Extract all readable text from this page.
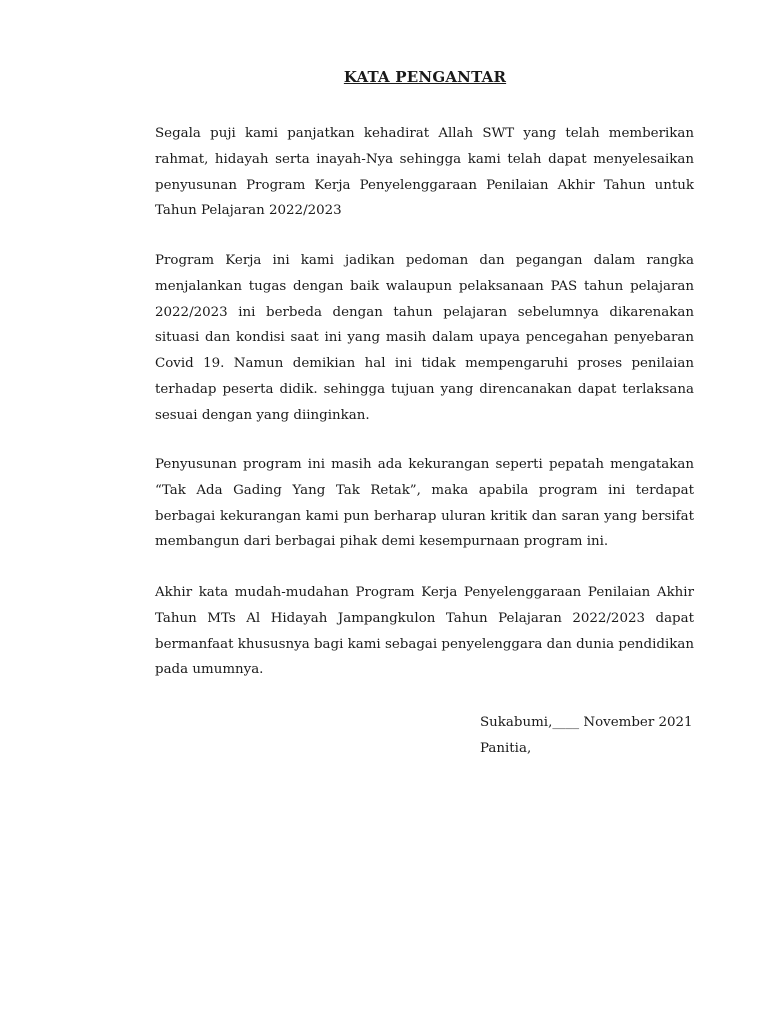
KATA PENGANTAR

Segala puji kami panjatkan kehadirat Allah SWT yang telah memberikan rahmat, hidayah serta inayah-Nya sehingga kami telah dapat menyelesaikan penyusunan Program Kerja Penyelenggaraan Penilaian Akhir Tahun untuk Tahun Pelajaran 2022/2023

Program Kerja ini kami jadikan pedoman dan pegangan dalam rangka menjalankan tugas dengan baik walaupun pelaksanaan PAS tahun pelajaran 2022/2023 ini berbeda dengan tahun pelajaran sebelumnya dikarenakan situasi dan kondisi saat ini yang masih dalam upaya pencegahan penyebaran Covid 19. Namun demikian hal ini tidak mempengaruhi proses penilaian terhadap peserta didik. sehingga tujuan yang direncanakan dapat terlaksana sesuai dengan yang diinginkan.

Penyusunan program ini masih ada kekurangan seperti pepatah mengatakan “Tak Ada Gading Yang Tak Retak”, maka apabila program ini terdapat berbagai kekurangan kami pun berharap uluran kritik dan saran yang bersifat membangun dari berbagai pihak demi kesempurnaan program ini.

Akhir kata mudah-mudahan Program Kerja Penyelenggaraan Penilaian Akhir Tahun MTs Al Hidayah Jampangkulon Tahun Pelajaran 2022/2023 dapat bermanfaat khususnya bagi kami sebagai penyelenggara dan dunia pendidikan pada umumnya.

Sukabumi,____ November 2021

Panitia,
